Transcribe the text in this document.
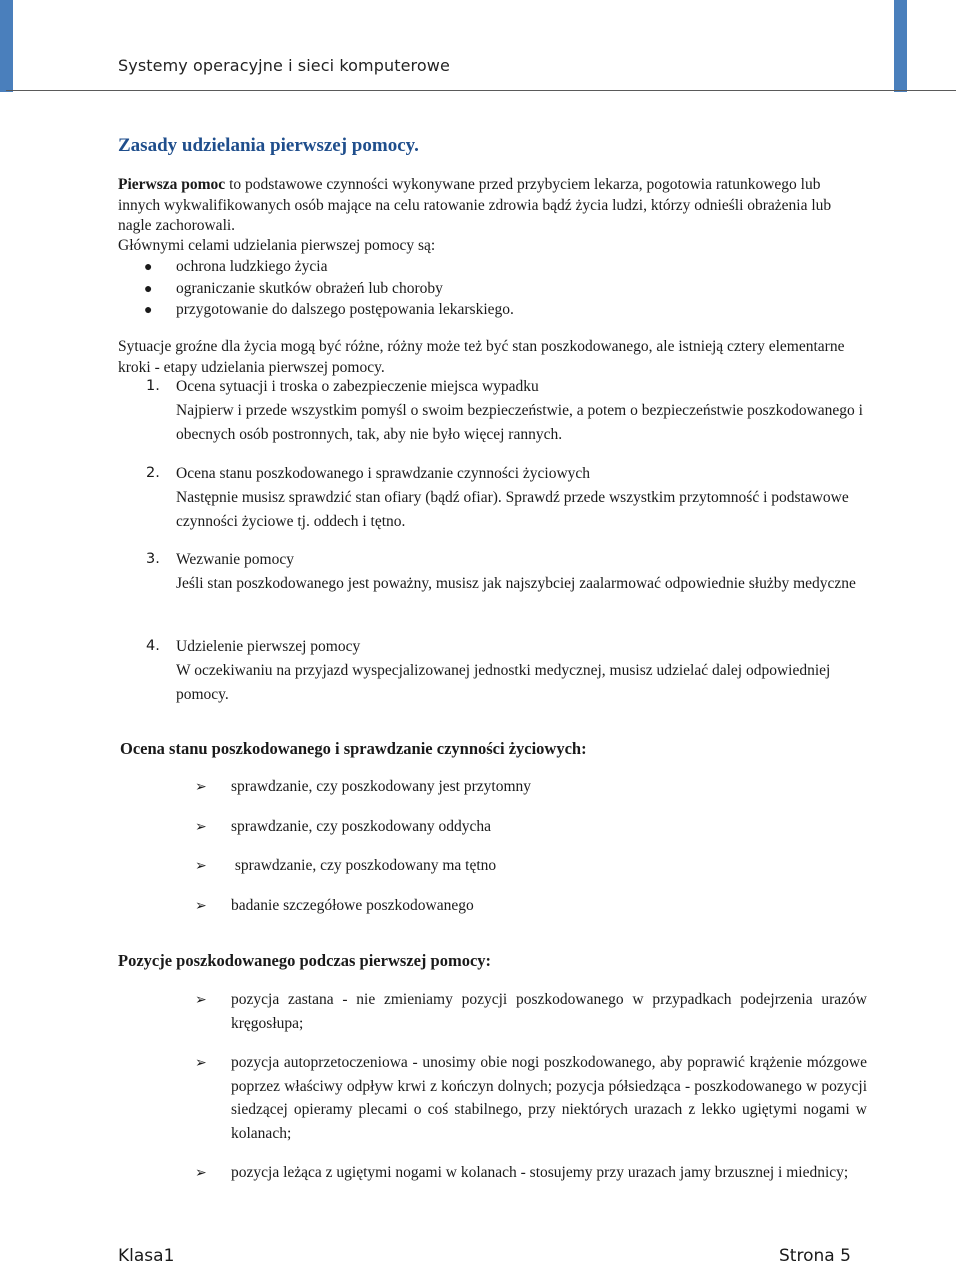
Systemy operacyjne i sieci komputerowe
Zasady udzielania pierwszej pomocy.
Pierwsza pomoc to podstawowe czynności wykonywane przed przybyciem lekarza, pogotowia ratunkowego lub innych wykwalifikowanych osób mające na celu ratowanie zdrowia bądź życia ludzi, którzy odnieśli obrażenia lub nagle zachorowali.
Głównymi celami udzielania pierwszej pomocy są:
● ochrona ludzkiego życia
● ograniczanie skutków obrażeń lub choroby
● przygotowanie do dalszego postępowania lekarskiego.
Sytuacje groźne dla życia mogą być różne, różny może też być stan poszkodowanego, ale istnieją cztery elementarne kroki - etapy udzielania pierwszej pomocy.
1. Ocena sytuacji i troska o zabezpieczenie miejsca wypadku
Najpierw i przede wszystkim pomyśl o swoim bezpieczeństwie, a potem o bezpieczeństwie poszkodowanego i obecnych osób postronnych, tak, aby nie było więcej rannych.
2. Ocena stanu poszkodowanego i sprawdzanie czynności życiowych
Następnie musisz sprawdzić stan ofiary (bądź ofiar). Sprawdź przede wszystkim przytomność i podstawowe czynności życiowe tj. oddech i tętno.
3. Wezwanie pomocy
Jeśli stan poszkodowanego jest poważny, musisz jak najszybciej zaalarmować odpowiednie służby medyczne
4. Udzielenie pierwszej pomocy
W oczekiwaniu na przyjazd wyspecjalizowanej jednostki medycznej, musisz udzielać dalej odpowiedniej pomocy.
Ocena stanu poszkodowanego i sprawdzanie czynności życiowych:
➢ sprawdzanie, czy poszkodowany jest przytomny
➢ sprawdzanie, czy poszkodowany oddycha
➢ sprawdzanie, czy poszkodowany ma tętno
➢ badanie szczegółowe poszkodowanego
Pozycje poszkodowanego podczas pierwszej pomocy:
➢ pozycja zastana - nie zmieniamy pozycji poszkodowanego w przypadkach podejrzenia urazów kręgosłupa;
➢ pozycja autoprzetoczeniowa - unosimy obie nogi poszkodowanego, aby poprawić krążenie mózgowe poprzez właściwy odpływ krwi z kończyn dolnych; pozycja półsiedząca - poszkodowanego w pozycji siedzącej opieramy plecami o coś stabilnego, przy niektórych urazach z lekko ugiętymi nogami w kolanach;
➢ pozycja leżąca z ugiętymi nogami w kolanach - stosujemy przy urazach jamy brzusznej i miednicy;
Klasa1	Strona 5
